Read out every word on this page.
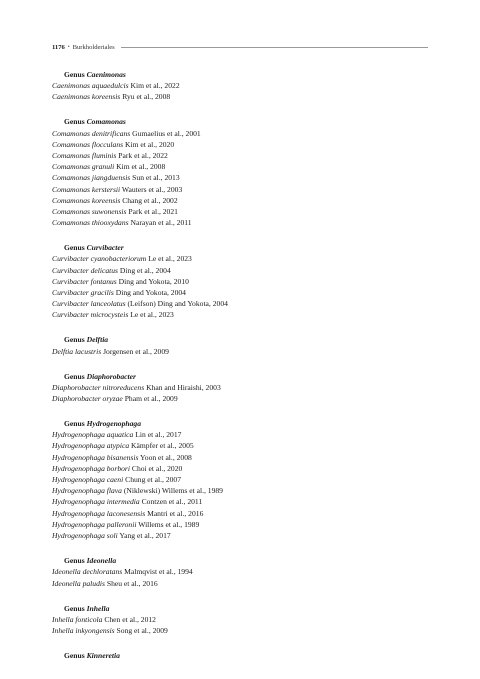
1176 • Burkholderiales
Genus Caenimonas
Caenimonas aquaedulcis Kim et al., 2022
Caenimonas koreensis Ryu et al., 2008
Genus Comamonas
Comamonas denitrificans Gumaelius et al., 2001
Comamonas flocculans Kim et al., 2020
Comamonas fluminis Park et al., 2022
Comamonas granuli Kim et al., 2008
Comamonas jiangduensis Sun et al., 2013
Comamonas kerstersii Wauters et al., 2003
Comamonas koreensis Chang et al., 2002
Comamonas suwonensis Park et al., 2021
Comamonas thiooxydans Narayan et al., 2011
Genus Curvibacter
Curvibacter cyanobacteriorum Le et al., 2023
Curvibacter delicatus Ding et al., 2004
Curvibacter fontanus Ding and Yokota, 2010
Curvibacter gracilis Ding and Yokota, 2004
Curvibacter lanceolatus (Leifson) Ding and Yokota, 2004
Curvibacter microcysteis Le et al., 2023
Genus Delftia
Delftia lacustris Jorgensen et al., 2009
Genus Diaphorobacter
Diaphorobacter nitroreducens Khan and Hiraishi, 2003
Diaphorobacter oryzae Pham et al., 2009
Genus Hydrogenophaga
Hydrogenophaga aquatica Lin et al., 2017
Hydrogenophaga atypica Kämpfer et al., 2005
Hydrogenophaga bisanensis Yoon et al., 2008
Hydrogenophaga borbori Choi et al., 2020
Hydrogenophaga caeni Chung et al., 2007
Hydrogenophaga flava (Niklewski) Willems et al., 1989
Hydrogenophaga intermedia Contzen et al., 2011
Hydrogenophaga laconesensis Mantri et al., 2016
Hydrogenophaga palleronii Willems et al., 1989
Hydrogenophaga soli Yang et al., 2017
Genus Ideonella
Ideonella dechloratans Malmqvist et al., 1994
Ideonella paludis Sheu et al., 2016
Genus Inhella
Inhella fonticola Chen et al., 2012
Inhella inkyongensis Song et al., 2009
Genus Kinneretia
